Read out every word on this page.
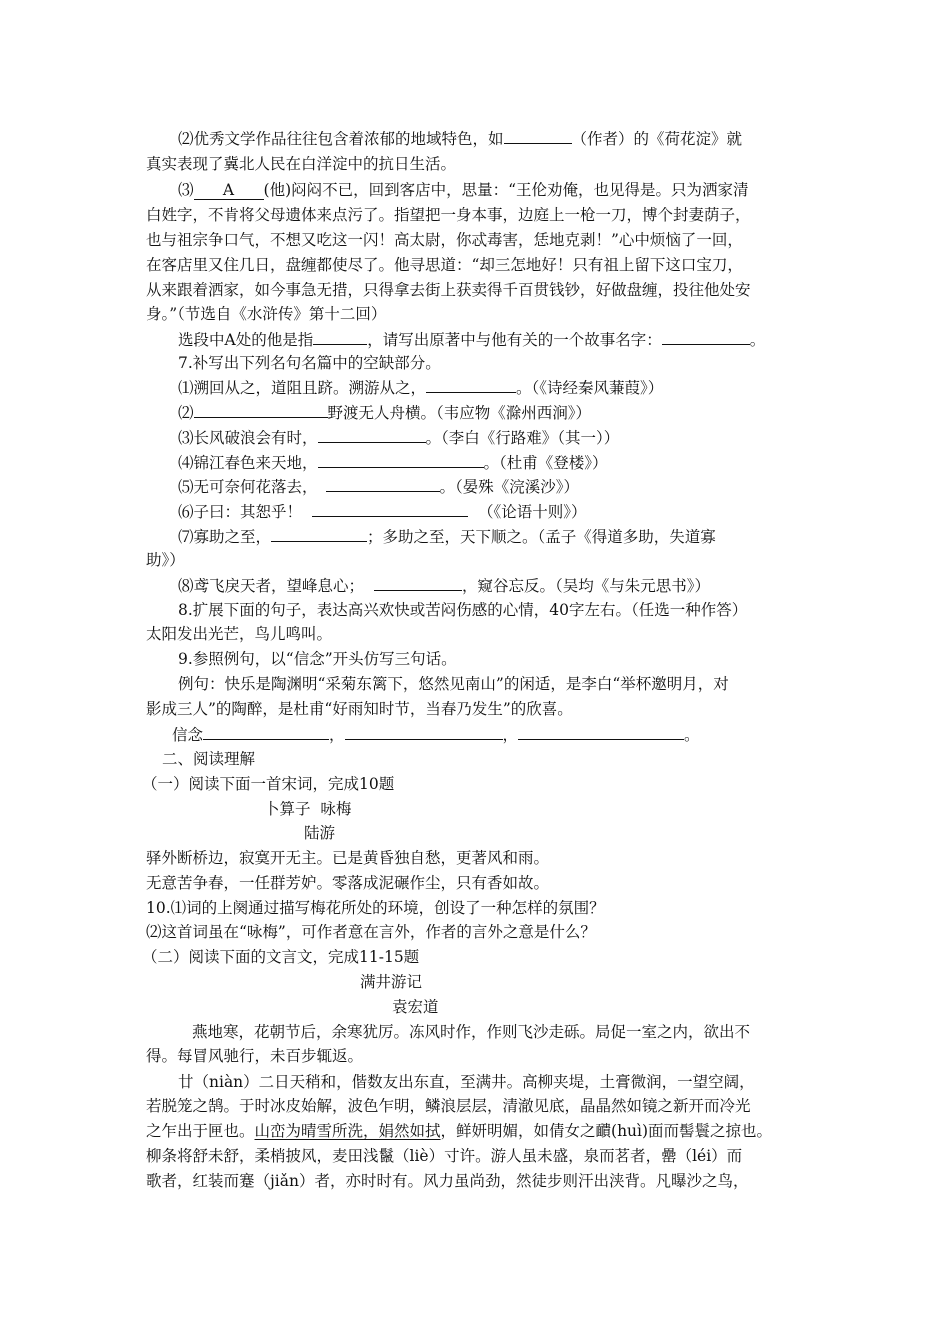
⑵优秀文学作品往往包含着浓郁的地域特色，如	（作者）的《荷花淀》就
真实表现了冀北人民在白洋淀中的抗日生活。
⑶ A (他)闷闷不已，回到客店中，思量：“王伦劝俺，也见得是。只为洒家清
白姓字，不肯将父母遗体来点污了。指望把一身本事，边庭上一枪一刀，博个封妻荫子，
也与祖宗争口气，不想又吃这一闪！高太尉，你忒毒害，恁地克剥！”心中烦恼了一回，
在客店里又住几日，盘缠都使尽了。他寻思道：“却三怎地好！只有祖上留下这口宝刀，
从来跟着洒家，如今事急无措，只得拿去街上获卖得千百贯钱钞，好做盘缠，投往他处安
身。”（节选自《水浒传》第十二回）
选段中A处的他是指	，请写出原著中与他有关的一个故事名字：	。
7.补写出下列名句名篇中的空缺部分。
⑴溯回从之，道阻且跻。溯游从之，	。（《诗经秦风蒹葭》）
⑵	野渡无人舟横。（韦应物《滁州西涧》）
⑶长风破浪会有时，	。（李白《行路难》（其一））
⑷锦江春色来天地，	。（杜甫《登楼》）
⑸无可奈何花落去，	。（晏殊《浣溪沙》）
⑹子曰：其恕乎！	（《论语十则》）
⑺寡助之至，	；多助之至，天下顺之。（孟子《得道多助，失道寡
助》）
⑻鸢飞戾天者，望峰息心；	，窥谷忘反。（吴均《与朱元思书》）
8.扩展下面的句子，表达高兴欢快或苦闷伤感的心情，40字左右。（任选一种作答）
太阳发出光芒，鸟儿鸣叫。
9.参照例句，以“信念”开头仿写三句话。
例句：快乐是陶渊明“采菊东篱下，悠然见南山”的闲适，是李白“举杯邀明月，对
影成三人”的陶醉，是杜甫“好雨知时节，当春乃发生”的欣喜。
信念	，	，	。
二、阅读理解
（一）阅读下面一首宋词，完成10题
卜算子  咏梅
陆游
驿外断桥边，寂寞开无主。已是黄昏独自愁，更著风和雨。
无意苦争春，一任群芳妒。零落成泥碾作尘，只有香如故。
10.⑴词的上阕通过描写梅花所处的环境，创设了一种怎样的氛围？
⑵这首词虽在“咏梅”，可作者意在言外，作者的言外之意是什么？
（二）阅读下面的文言文，完成11-15题
满井游记
袁宏道
燕地寒，花朝节后，余寒犹厉。冻风时作，作则飞沙走砾。局促一室之内，欲出不
得。每冒风驰行，未百步辄返。
廿（niàn）二日天稍和，偕数友出东直，至满井。高柳夹堤，土膏微润，一望空阔，
若脱笼之鹄。于时冰皮始解，波色乍明，鳞浪层层，清澈见底，晶晶然如镜之新开而冷光
之乍出于匣也。山峦为晴雪所洗，娟然如拭，鲜妍明媚，如倩女之靧(huì)面而髻鬟之掠也。
柳条将舒未舒，柔梢披风，麦田浅鬣（liè）寸许。游人虽未盛，泉而茗者，罍（léi）而
歌者，红装而蹇（jiǎn）者，亦时时有。风力虽尚劲，然徒步则汗出浃背。凡曝沙之鸟，
